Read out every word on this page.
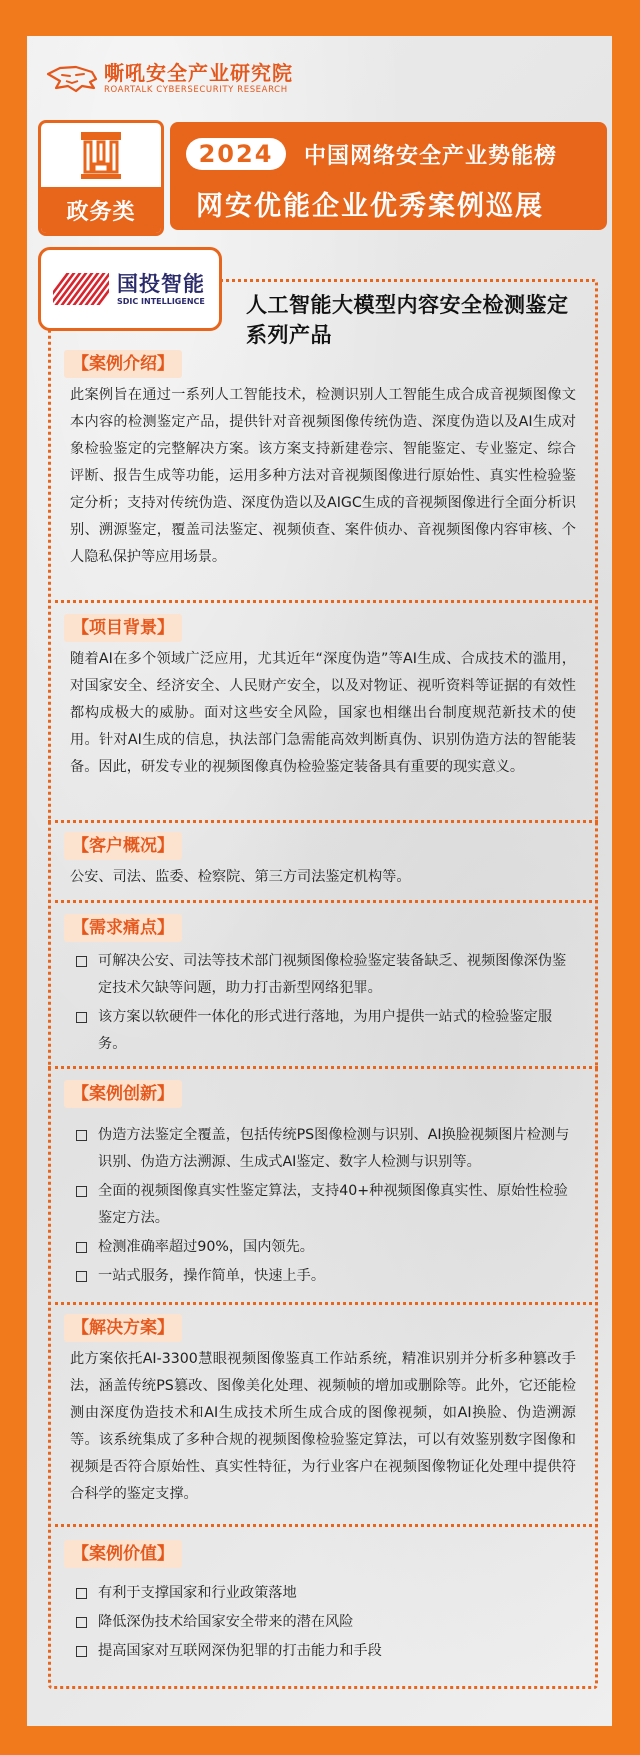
嘶吼安全产业研究院
ROARTALK CYBERSECURITY RESEARCH
政务类
2024	中国网络安全产业势能榜
网安优能企业优秀案例巡展
国投智能
SDIC INTELLIGENCE 人工智能大模型内容安全检测鉴定系列产品
【案例介绍】
此案例旨在通过一系列人工智能技术，检测识别人工智能生成合成音视频图像文本内容的检测鉴定产品，提供针对音视频图像传统伪造、深度伪造以及AI生成对象检验鉴定的完整解决方案。该方案支持新建卷宗、智能鉴定、专业鉴定、综合评断、报告生成等功能，运用多种方法对音视频图像进行原始性、真实性检验鉴定分析；支持对传统伪造、深度伪造以及AIGC生成的音视频图像进行全面分析识别、溯源鉴定，覆盖司法鉴定、视频侦查、案件侦办、音视频图像内容审核、个人隐私保护等应用场景。
【项目背景】
随着AI在多个领域广泛应用，尤其近年“深度伪造”等AI生成、合成技术的滥用，对国家安全、经济安全、人民财产安全，以及对物证、视听资料等证据的有效性都构成极大的威胁。面对这些安全风险，国家也相继出台制度规范新技术的使用。针对AI生成的信息，执法部门急需能高效判断真伪、识别伪造方法的智能装备。因此，研发专业的视频图像真伪检验鉴定装备具有重要的现实意义。
【客户概况】
公安、司法、监委、检察院、第三方司法鉴定机构等。
【需求痛点】
可解决公安、司法等技术部门视频图像检验鉴定装备缺乏、视频图像深伪鉴定技术欠缺等问题，助力打击新型网络犯罪。
该方案以软硬件一体化的形式进行落地，为用户提供一站式的检验鉴定服务。
【案例创新】
伪造方法鉴定全覆盖，包括传统PS图像检测与识别、AI换脸视频图片检测与识别、伪造方法溯源、生成式AI鉴定、数字人检测与识别等。
全面的视频图像真实性鉴定算法，支持40+种视频图像真实性、原始性检验鉴定方法。
检测准确率超过90%，国内领先。
一站式服务，操作简单，快速上手。
【解决方案】
此方案依托AI-3300慧眼视频图像鉴真工作站系统，精准识别并分析多种篡改手法，涵盖传统PS篡改、图像美化处理、视频帧的增加或删除等。此外，它还能检测由深度伪造技术和AI生成技术所生成合成的图像视频，如AI换脸、伪造溯源等。该系统集成了多种合规的视频图像检验鉴定算法，可以有效鉴别数字图像和视频是否符合原始性、真实性特征，为行业客户在视频图像物证化处理中提供符合科学的鉴定支撑。
【案例价值】
有利于支撑国家和行业政策落地
降低深伪技术给国家安全带来的潜在风险
提高国家对互联网深伪犯罪的打击能力和手段
